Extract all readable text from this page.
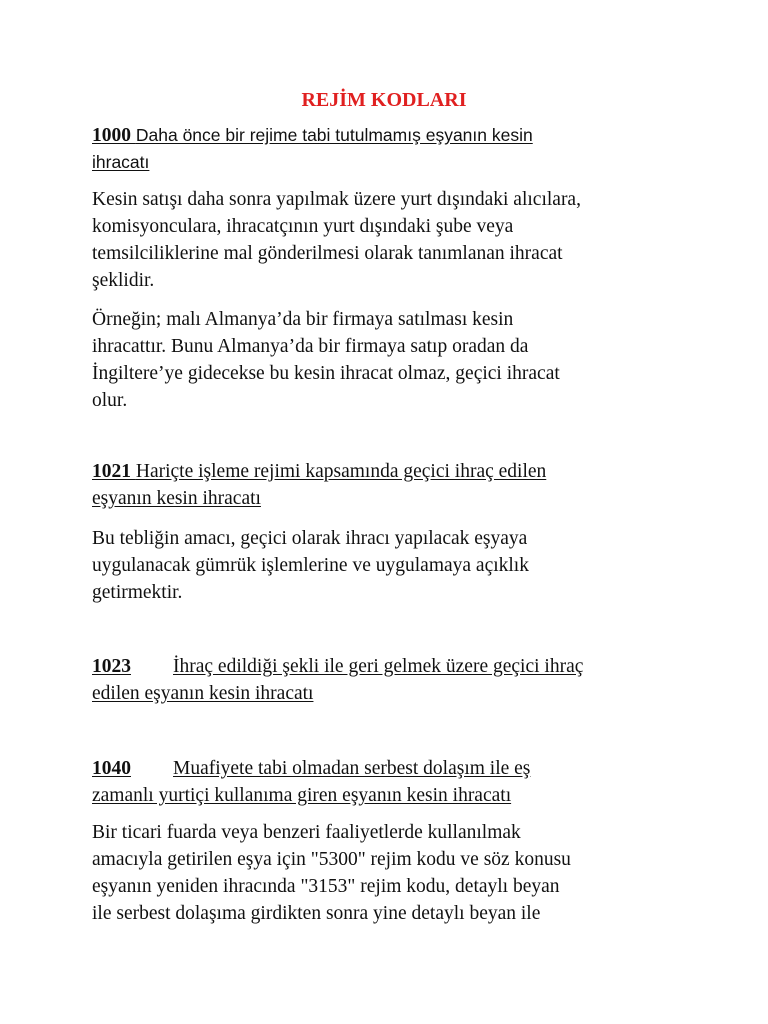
REJİM KODLARI
1000 Daha önce bir rejime tabi tutulmamış eşyanın kesin
ihracatı

Kesin satışı daha sonra yapılmak üzere yurt dışındaki alıcılara,
komisyonculara, ihracatçının yurt dışındaki şube veya
temsilciliklerine mal gönderilmesi olarak tanımlanan ihracat
şeklidir.

Örneğin; malı Almanya’da bir firmaya satılması kesin
ihracattır. Bunu Almanya’da bir firmaya satıp oradan da
İngiltere’ye gidecekse bu kesin ihracat olmaz, geçici ihracat
olur.

1021 Hariçte işleme rejimi kapsamında geçici ihraç edilen
eşyanın kesin ihracatı

Bu tebliğin amacı, geçici olarak ihracı yapılacak eşyaya
uygulanacak gümrük işlemlerine ve uygulamaya açıklık
getirmektir.

1023 İhraç edildiği şekli ile geri gelmek üzere geçici ihraç
edilen eşyanın kesin ihracatı
1040 Muafiyete tabi olmadan serbest dolaşım ile eş
zamanlı yurtiçi kullanıma giren eşyanın kesin ihracatı

Bir ticari fuarda veya benzeri faaliyetlerde kullanılmak
amacıyla getirilen eşya için "5300" rejim kodu ve söz konusu
eşyanın yeniden ihracında "3153" rejim kodu, detaylı beyan
ile serbest dolaşıma girdikten sonra yine detaylı beyan ile
